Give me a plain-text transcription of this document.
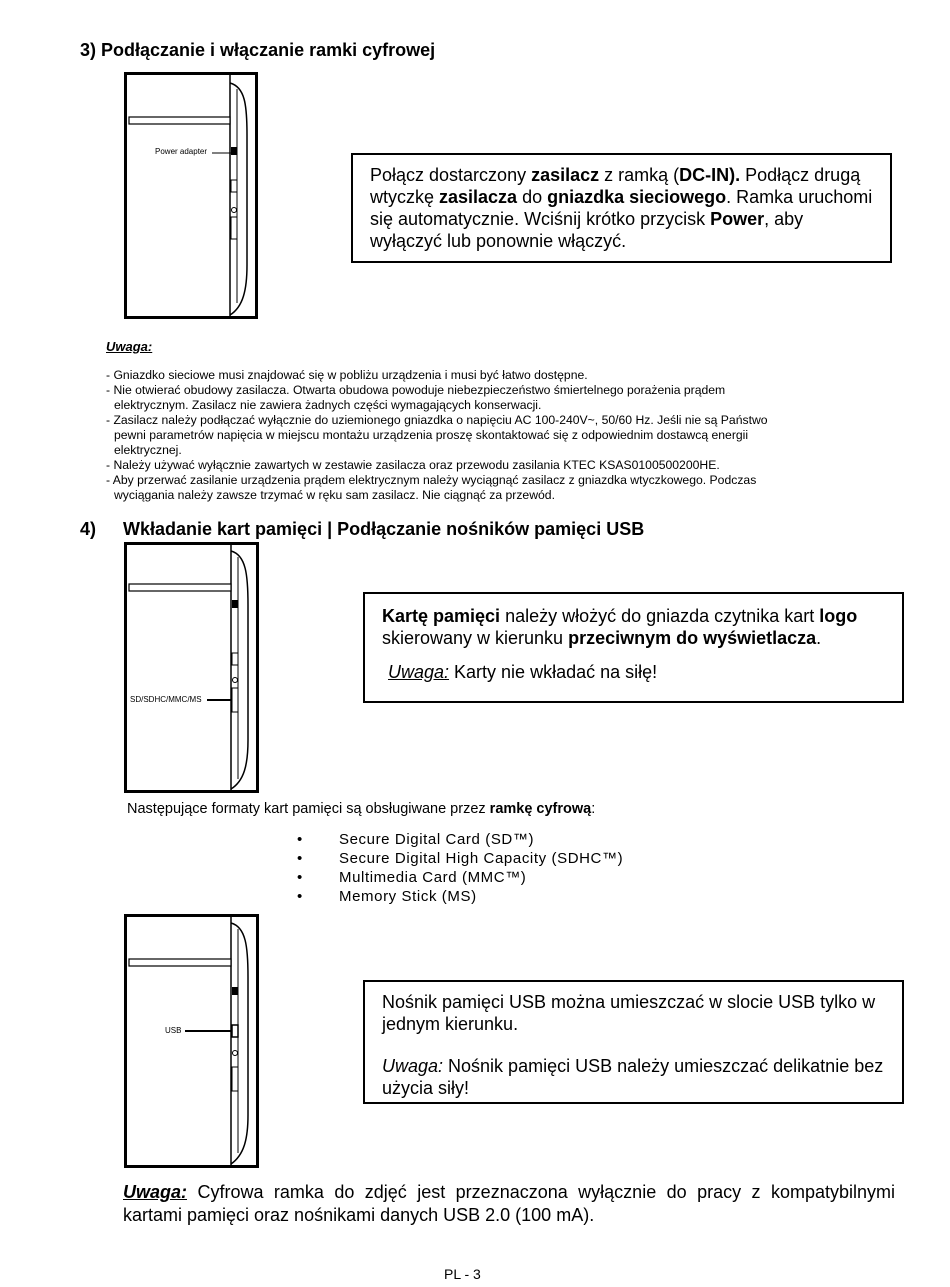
3) Podłączanie i włączanie ramki cyfrowej
Power adapter
Połącz dostarczony zasilacz z ramką (DC-IN). Podłącz drugą wtyczkę zasilacza do gniazdka sieciowego. Ramka uruchomi się automatycznie. Wciśnij krótko przycisk Power, aby wyłączyć lub ponownie włączyć.
Uwaga:
- Gniazdko sieciowe musi znajdować się w pobliżu urządzenia i musi być łatwo dostępne.
- Nie otwierać obudowy zasilacza. Otwarta obudowa powoduje niebezpieczeństwo śmiertelnego porażenia prądem
elektrycznym. Zasilacz nie zawiera żadnych części wymagających konserwacji.
- Zasilacz należy podłączać wyłącznie do uziemionego gniazdka o napięciu AC 100-240V~, 50/60 Hz. Jeśli nie są Państwo
pewni parametrów napięcia w miejscu montażu urządzenia proszę skontaktować się z odpowiednim dostawcą energii
elektrycznej.
- Należy używać wyłącznie zawartych w zestawie zasilacza oraz przewodu zasilania KTEC KSAS0100500200HE.
- Aby przerwać zasilanie urządzenia prądem elektrycznym należy wyciągnąć zasilacz z gniazdka wtyczkowego. Podczas
wyciągania należy zawsze trzymać w ręku sam zasilacz. Nie ciągnąć za przewód.
4) Wkładanie kart pamięci | Podłączanie nośników pamięci USB
SD/SDHC/MMC/MS
Kartę pamięci należy włożyć do gniazda czytnika kart logo skierowany w kierunku przeciwnym do wyświetlacza.
Uwaga: Karty nie wkładać na siłę!
Następujące formaty kart pamięci są obsługiwane przez ramkę cyfrową:
• Secure Digital Card (SD™)
• Secure Digital High Capacity (SDHC™)
• Multimedia Card (MMC™)
• Memory Stick (MS)
USB
Nośnik pamięci USB można umieszczać w slocie USB tylko w jednym kierunku.
Uwaga: Nośnik pamięci USB należy umieszczać delikatnie bez użycia siły!
Uwaga: Cyfrowa ramka do zdjęć jest przeznaczona wyłącznie do pracy z kompatybilnymi kartami pamięci oraz nośnikami danych USB 2.0 (100 mA).
PL - 3
